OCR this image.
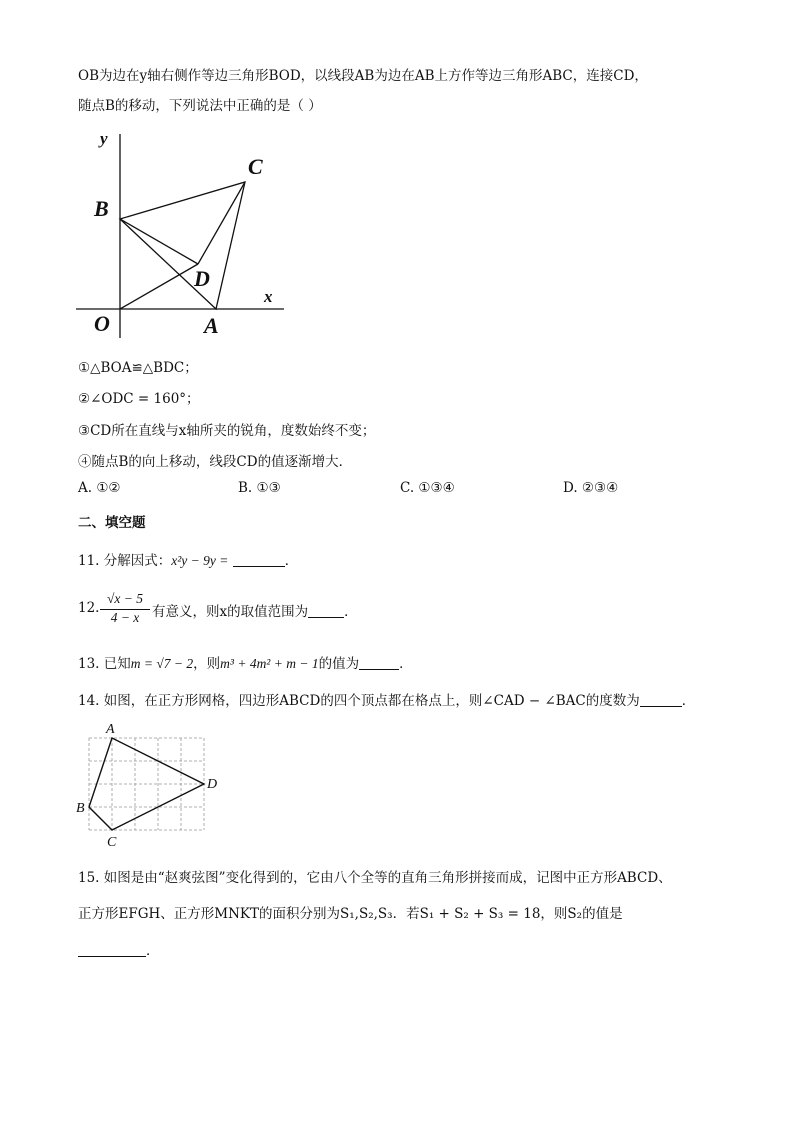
OB为边在y轴右侧作等边三角形BOD，以线段AB为边在AB上方作等边三角形ABC，连接CD，
随点B的移动，下列说法中正确的是（ ）
y
x
B
C
D
O	A
①△BOA≌△BDC；
②∠ODC = 160°；
③CD所在直线与x轴所夹的锐角，度数始终不变；
④随点B的向上移动，线段CD的值逐渐增大．
A. ①②	B. ①③	C. ①③④	D. ②③④
二、填空题
11. 分解因式：x²y − 9y =	．
12. $\frac{√x - 5}{4 - x}$ 有意义，则x的取值范围为	．
13. 已知m = √7 − 2，则m³ + 4m² + m − 1的值为	．
14. 如图，在正方形网格，四边形ABCD的四个顶点都在格点上，则∠CAD − ∠BAC的度数为	．
A
B
C
D
15. 如图是由“赵爽弦图”变化得到的，它由八个全等的直角三角形拼接而成，记图中正方形ABCD、
正方形EFGH、正方形MNKT的面积分别为S₁,S₂,S₃．若S₁ + S₂ + S₃ = 18，则S₂的值是
．
